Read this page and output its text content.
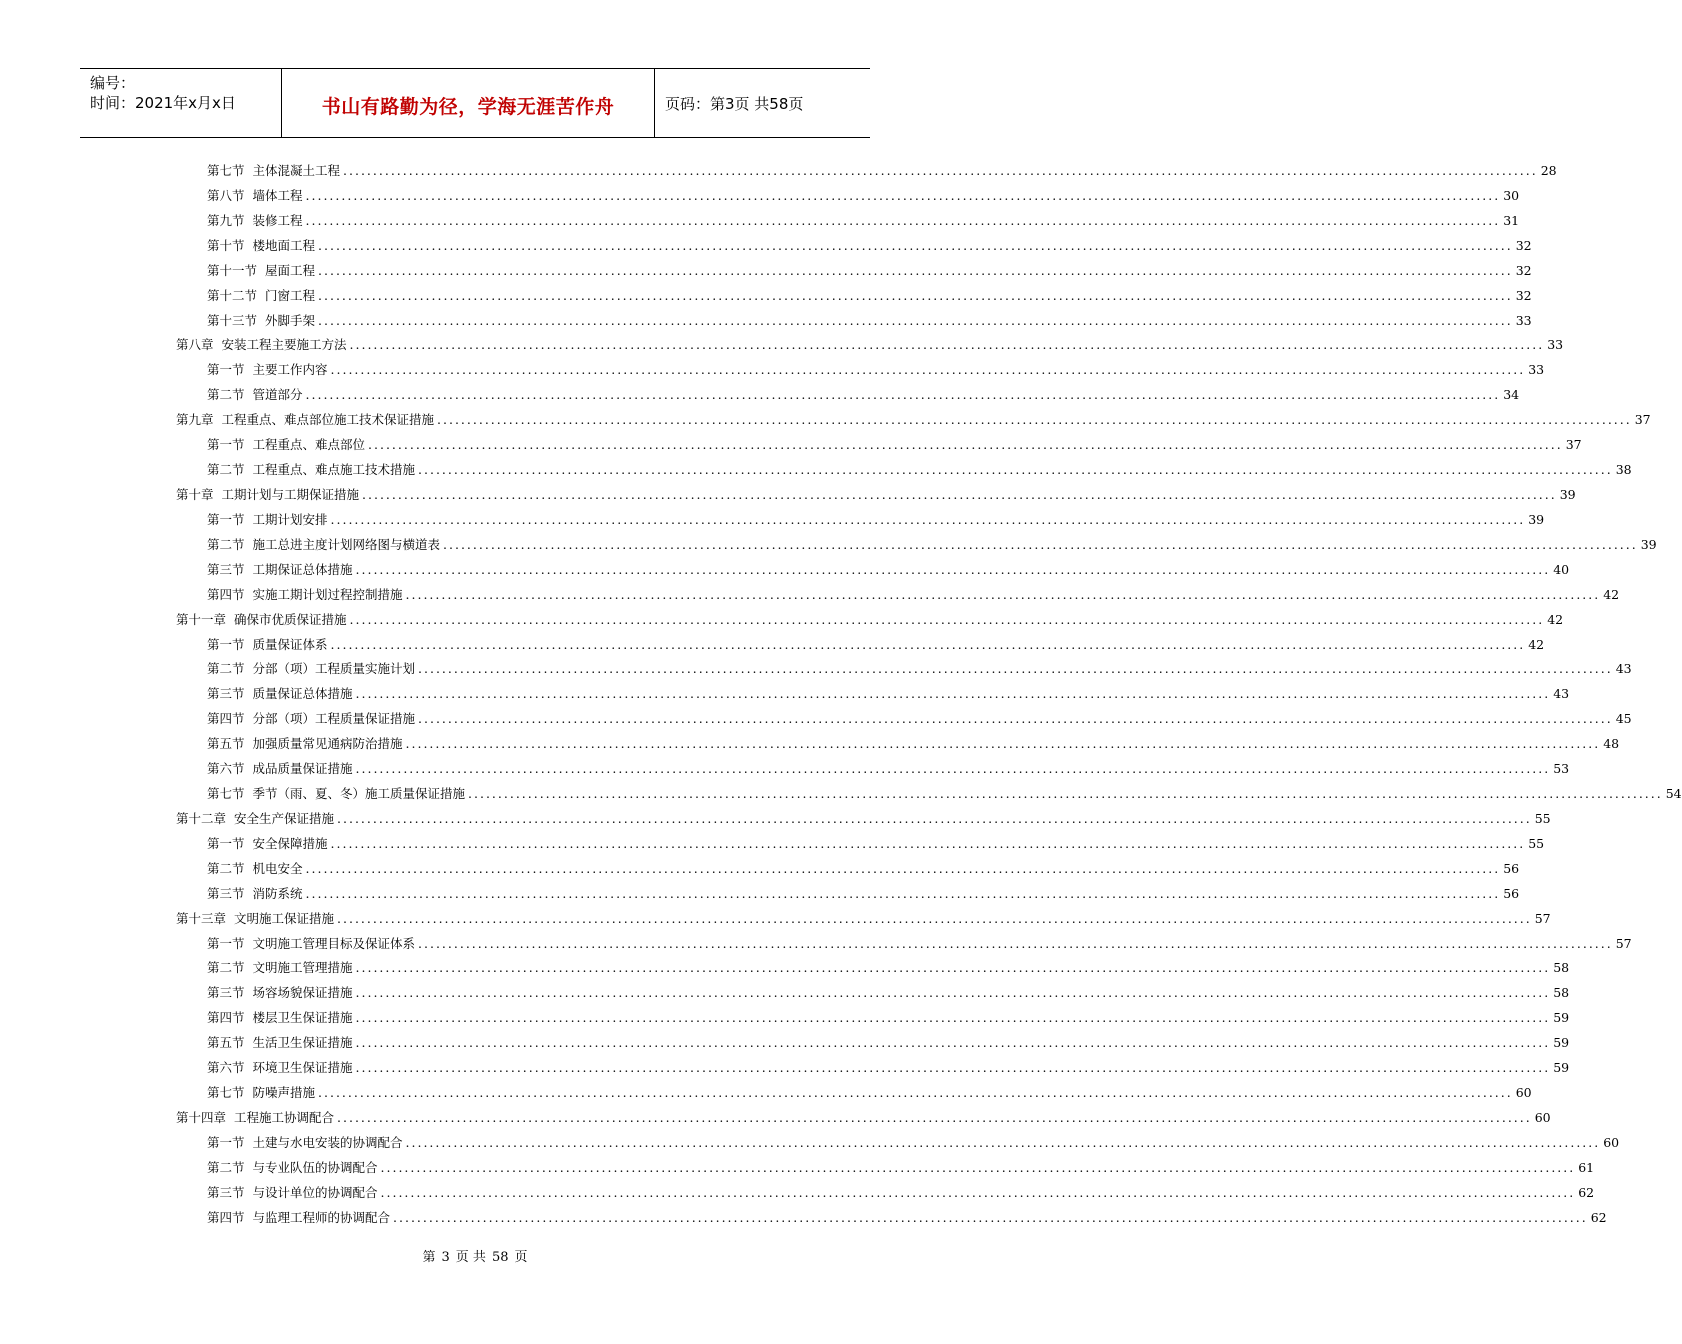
编号：
时间：2021年x月x日	书山有路勤为径，学海无涯苦作舟	页码：第3页 共58页
第七节 主体混凝土工程 ........................................................................................................................................................................................................ 28
第八节 墙体工程 ........................................................................................................................................................................................................ 30
第九节 装修工程 ........................................................................................................................................................................................................ 31
第十节 楼地面工程 ........................................................................................................................................................................................................ 32
第十一节 屋面工程 ........................................................................................................................................................................................................ 32
第十二节 门窗工程 ........................................................................................................................................................................................................ 32
第十三节 外脚手架 ........................................................................................................................................................................................................ 33
第八章 安装工程主要施工方法 ........................................................................................................................................................................................................ 33
第一节 主要工作内容 ........................................................................................................................................................................................................ 33
第二节 管道部分 ........................................................................................................................................................................................................ 34
第九章 工程重点、难点部位施工技术保证措施 ........................................................................................................................................................................................................ 37
第一节 工程重点、难点部位 ........................................................................................................................................................................................................ 37
第二节 工程重点、难点施工技术措施 ........................................................................................................................................................................................................ 38
第十章 工期计划与工期保证措施 ........................................................................................................................................................................................................ 39
第一节 工期计划安排 ........................................................................................................................................................................................................ 39
第二节 施工总进主度计划网络图与横道表 ........................................................................................................................................................................................................ 39
第三节 工期保证总体措施 ........................................................................................................................................................................................................ 40
第四节 实施工期计划过程控制措施 ........................................................................................................................................................................................................ 42
第十一章 确保市优质保证措施 ........................................................................................................................................................................................................ 42
第一节 质量保证体系 ........................................................................................................................................................................................................ 42
第二节 分部（项）工程质量实施计划 ........................................................................................................................................................................................................ 43
第三节 质量保证总体措施 ........................................................................................................................................................................................................ 43
第四节 分部（项）工程质量保证措施 ........................................................................................................................................................................................................ 45
第五节 加强质量常见通病防治措施 ........................................................................................................................................................................................................ 48
第六节 成品质量保证措施 ........................................................................................................................................................................................................ 53
第七节 季节（雨、夏、冬）施工质量保证措施 ........................................................................................................................................................................................................ 54
第十二章 安全生产保证措施 ........................................................................................................................................................................................................ 55
第一节 安全保障措施 ........................................................................................................................................................................................................ 55
第二节 机电安全 ........................................................................................................................................................................................................ 56
第三节 消防系统 ........................................................................................................................................................................................................ 56
第十三章 文明施工保证措施 ........................................................................................................................................................................................................ 57
第一节 文明施工管理目标及保证体系 ........................................................................................................................................................................................................ 57
第二节 文明施工管理措施 ........................................................................................................................................................................................................ 58
第三节 场容场貌保证措施 ........................................................................................................................................................................................................ 58
第四节 楼层卫生保证措施 ........................................................................................................................................................................................................ 59
第五节 生活卫生保证措施 ........................................................................................................................................................................................................ 59
第六节 环境卫生保证措施 ........................................................................................................................................................................................................ 59
第七节 防噪声措施 ........................................................................................................................................................................................................ 60
第十四章 工程施工协调配合 ........................................................................................................................................................................................................ 60
第一节 土建与水电安装的协调配合 ........................................................................................................................................................................................................ 60
第二节 与专业队伍的协调配合 ........................................................................................................................................................................................................ 61
第三节 与设计单位的协调配合 ........................................................................................................................................................................................................ 62
第四节 与监理工程师的协调配合 ........................................................................................................................................................................................................ 62
第 3 页 共 58 页
